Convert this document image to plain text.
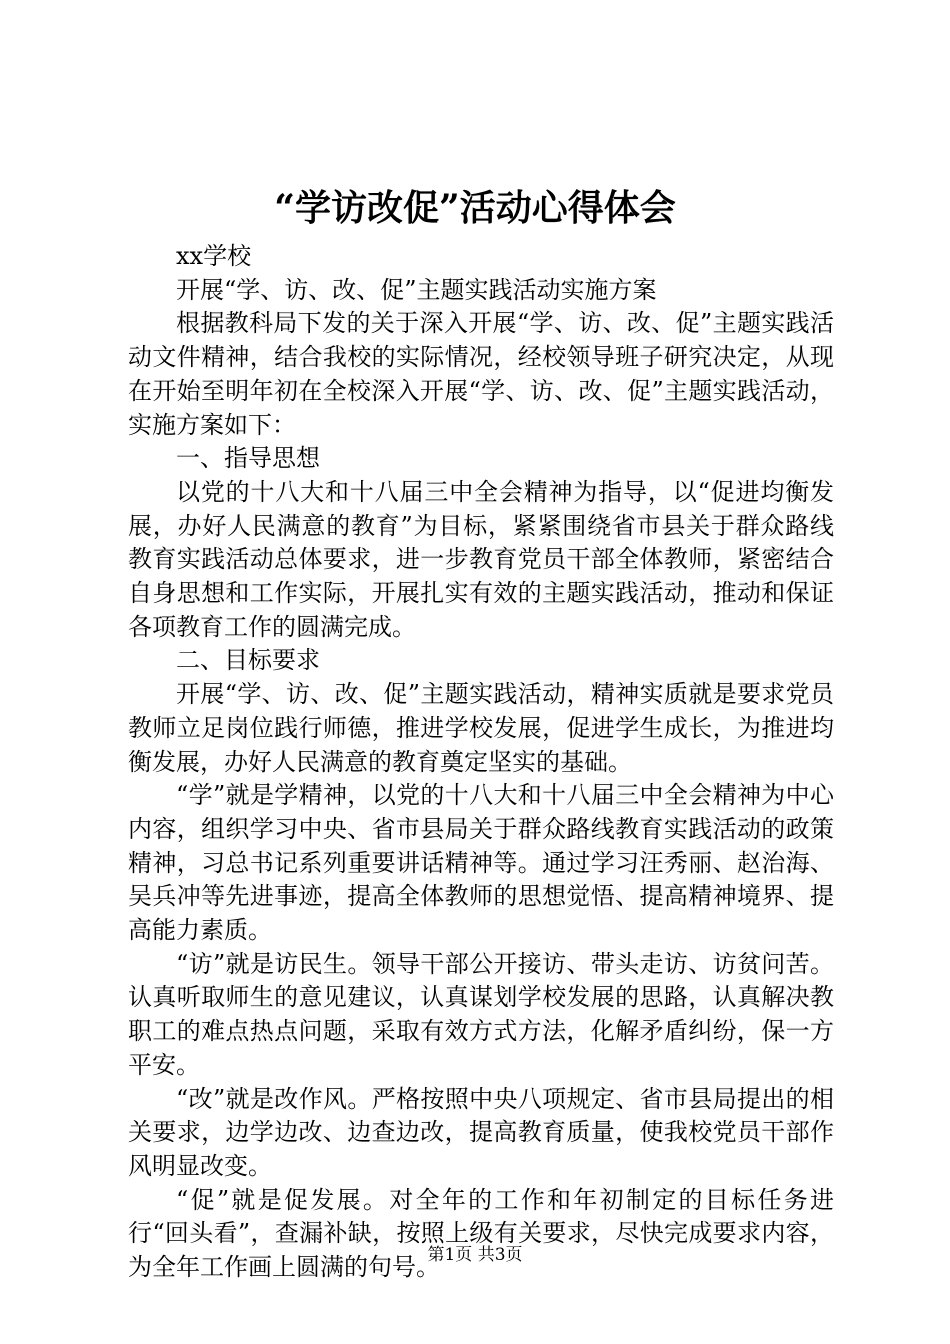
“学访改促”活动心得体会

xx学校

开展“学、访、改、促”主题实践活动实施方案

根据教科局下发的关于深入开展“学、访、改、促”主题实践活动文件精神，结合我校的实际情况，经校领导班子研究决定，从现在开始至明年初在全校深入开展“学、访、改、促”主题实践活动，实施方案如下：

一、指导思想

以党的十八大和十八届三中全会精神为指导，以“促进均衡发展，办好人民满意的教育”为目标，紧紧围绕省市县关于群众路线教育实践活动总体要求，进一步教育党员干部全体教师，紧密结合自身思想和工作实际，开展扎实有效的主题实践活动，推动和保证各项教育工作的圆满完成。

二、目标要求

开展“学、访、改、促”主题实践活动，精神实质就是要求党员教师立足岗位践行师德，推进学校发展，促进学生成长，为推进均衡发展，办好人民满意的教育奠定坚实的基础。

“学”就是学精神，以党的十八大和十八届三中全会精神为中心内容，组织学习中央、省市县局关于群众路线教育实践活动的政策精神，习总书记系列重要讲话精神等。通过学习汪秀丽、赵治海、吴兵冲等先进事迹，提高全体教师的思想觉悟、提高精神境界、提高能力素质。

“访”就是访民生。领导干部公开接访、带头走访、访贫问苦。认真听取师生的意见建议，认真谋划学校发展的思路，认真解决教职工的难点热点问题，采取有效方式方法，化解矛盾纠纷，保一方平安。

“改”就是改作风。严格按照中央八项规定、省市县局提出的相关要求，边学边改、边查边改，提高教育质量，使我校党员干部作风明显改变。

“促”就是促发展。对全年的工作和年初制定的目标任务进行“回头看”，查漏补缺，按照上级有关要求，尽快完成要求内容，为全年工作画上圆满的句号。

第1页 共3页
